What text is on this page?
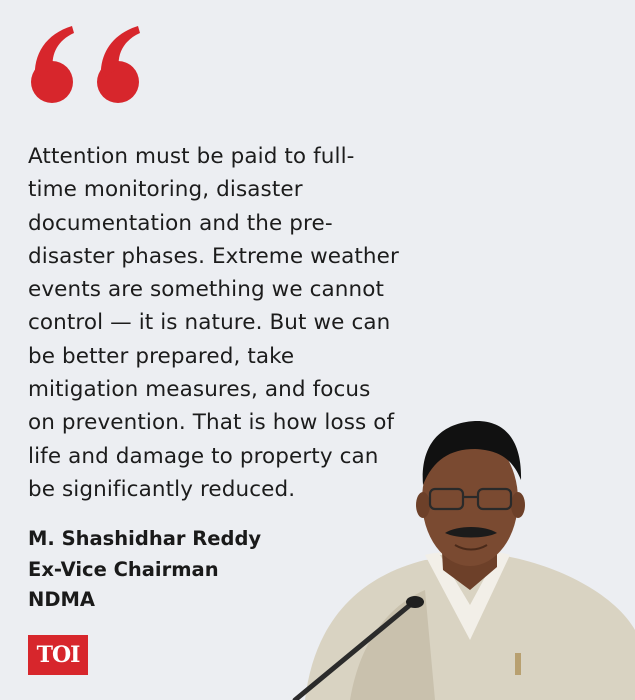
Attention must be paid to full-
time monitoring, disaster
documentation and the pre-
disaster phases. Extreme weather
events are something we cannot
control — it is nature. But we can
be better prepared, take
mitigation measures, and focus
on prevention. That is how loss of
life and damage to property can
be significantly reduced.
M. Shashidhar Reddy
Ex-Vice Chairman
NDMA
TOI
